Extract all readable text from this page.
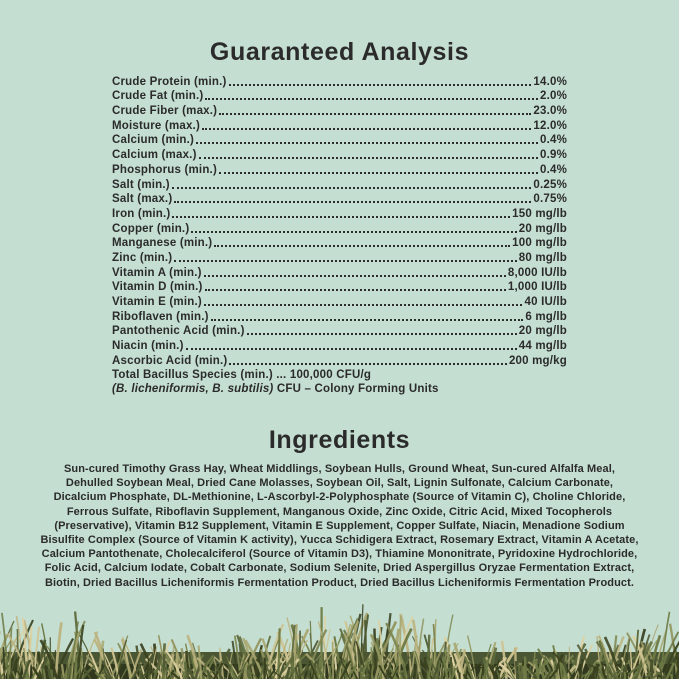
Guaranteed Analysis
Crude Protein (min.)	14.0%
Crude Fat (min.)	2.0%
Crude Fiber (max.)	23.0%
Moisture (max.)	12.0%
Calcium (min.)	0.4%
Calcium (max.)	0.9%
Phosphorus (min.)	0.4%
Salt (min.)	0.25%
Salt (max.)	0.75%
Iron (min.)	150 mg/lb
Copper (min.)	20 mg/lb
Manganese (min.)	100 mg/lb
Zinc (min.)	80 mg/lb
Vitamin A (min.)	8,000 IU/lb
Vitamin D (min.)	1,000 IU/lb
Vitamin E (min.)	40 IU/lb
Riboflaven (min.)	6 mg/lb
Pantothenic Acid (min.)	20 mg/lb
Niacin (min.)	44 mg/lb
Ascorbic Acid (min.)	200 mg/kg
Total Bacillus Species (min.) ... 100,000 CFU/g
(B. licheniformis, B. subtilis) CFU – Colony Forming Units
Ingredients

Sun-cured Timothy Grass Hay, Wheat Middlings, Soybean Hulls, Ground Wheat, Sun-cured Alfalfa Meal, Dehulled Soybean Meal, Dried Cane Molasses, Soybean Oil, Salt, Lignin Sulfonate, Calcium Carbonate, Dicalcium Phosphate, DL-Methionine, L-Ascorbyl-2-Polyphosphate (Source of Vitamin C), Choline Chloride, Ferrous Sulfate, Riboflavin Supplement, Manganous Oxide, Zinc Oxide, Citric Acid, Mixed Tocopherols (Preservative), Vitamin B12 Supplement, Vitamin E Supplement, Copper Sulfate, Niacin, Menadione Sodium Bisulfite Complex (Source of Vitamin K activity), Yucca Schidigera Extract, Rosemary Extract, Vitamin A Acetate, Calcium Pantothenate, Cholecalciferol (Source of Vitamin D3), Thiamine Mononitrate, Pyridoxine Hydrochloride, Folic Acid, Calcium Iodate, Cobalt Carbonate, Sodium Selenite, Dried Aspergillus Oryzae Fermentation Extract, Biotin, Dried Bacillus Licheniformis Fermentation Product, Dried Bacillus Licheniformis Fermentation Product.
